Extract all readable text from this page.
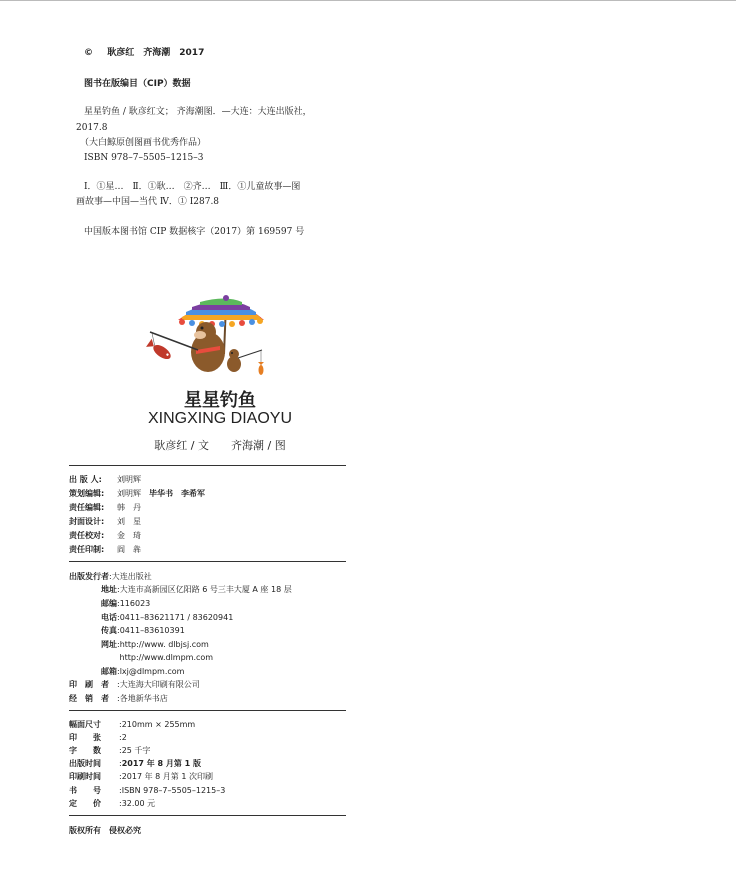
© 耿彦红　齐海潮　2017
图书在版编目（CIP）数据
星星钓鱼 / 耿彦红文； 齐海潮图．—大连：大连出版社，
2017.8
（大白鲸原创图画书优秀作品）
ISBN 978–7–5505–1215–3
Ⅰ．①星…　Ⅱ．①耿…　②齐…　Ⅲ．①儿童故事—图
画故事—中国—当代 Ⅳ．① I287.8
中国版本图书馆 CIP 数据核字（2017）第 169597 号
星星钓鱼
XINGXING DIAOYU
耿彦红 / 文　　齐海潮 / 图
出 版 人: 刘明辉
策划编辑: 刘明辉　毕华书　李希军
责任编辑: 韩　丹
封面设计: 刘　星
责任校对: 金　琦
责任印制: 阎　犇
出版发行者:大连出版社
地址:大连市高新园区亿阳路 6 号三丰大厦 A 座 18 层
邮编:116023
电话:0411–83621171 / 83620941
传真:0411–83610391
网址:http://www. dlbjsj.com
http://www.dlmpm.com
邮箱:lxj@dlmpm.com
印　刷　者 :大连海大印刷有限公司
经　销　者 :各地新华书店
幅面尺寸 :210mm × 255mm
印　　张 :2
字　　数 :25 千字
出版时间 :2017 年 8 月第 1 版
印刷时间 :2017 年 8 月第 1 次印刷
书　　号 :ISBN 978–7–5505–1215–3
定　　价 :32.00 元
版权所有　侵权必究
